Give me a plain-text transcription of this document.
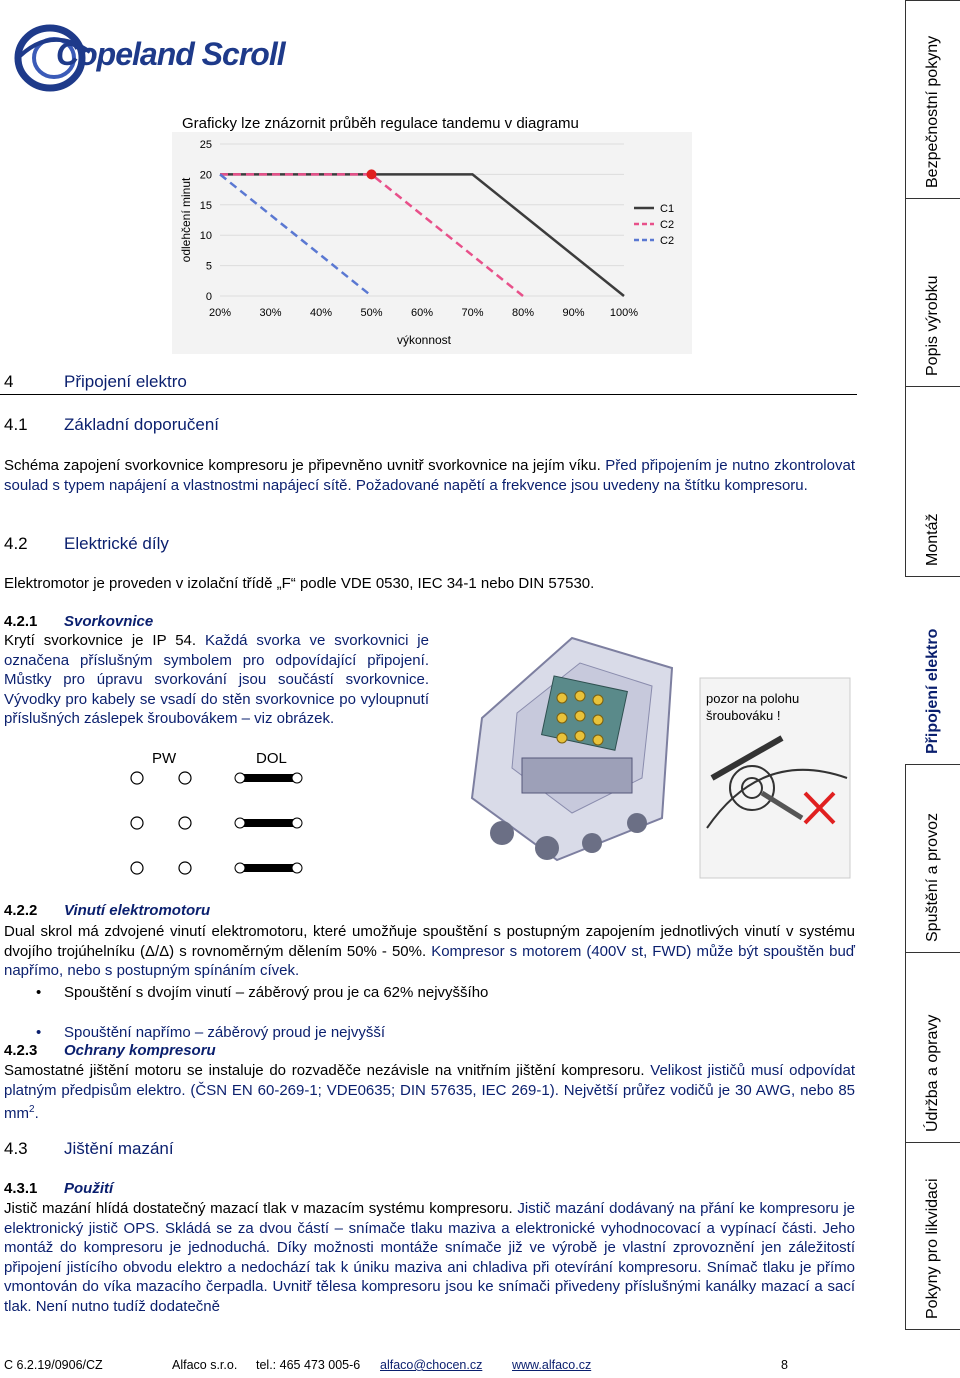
Copeland Scroll
Graficky lze znázornit průběh regulace tandemu v diagramu
0
5
10
15
20
25
20%	30%	40%	50%	60%	70%	80%	90% 100%
výkonnost
odlehčení minut	C1
C2
C2
4	Připojení elektro
4.1 Základní doporučení
Schéma zapojení svorkovnice kompresoru je připevněno uvnitř svorkovnice na jejím víku. Před připojením je nutno zkontrolovat soulad s typem napájení a vlastnostmi napájecí sítě. Požadované napětí a frekvence jsou uvedeny na štítku kompresoru.
4.2 Elektrické díly
Elektromotor je proveden v izolační třídě „F“ podle VDE 0530, IEC 34-1 nebo DIN 57530.
4.2.1 Svorkovnice
Krytí svorkovnice je IP 54. Každá svorka ve svorkovnici je označena příslušným symbolem pro odpovídající připojení. Můstky pro úpravu svorkování jsou součástí svorkovnice. Vývodky pro kabely se vsadí do stěn svorkovnice po vyloupnutí příslušných záslepek šroubovákem – viz obrázek.
PW	DOL
pozor na polohu šroubováku !
4.2.2 Vinutí elektromotoru
Dual skrol má zdvojené vinutí elektromotoru, které umožňuje spouštění s postupným zapojením jednotlivých vinutí v systému dvojího trojúhelníku (Δ/Δ) s rovnoměrným dělením 50% - 50%. Kompresor s motorem (400V st, FWD) může být spouštěn buď napřímo, nebo s postupným spínáním cívek.
• Spouštění s dvojím vinutí – záběrový prou je ca 62% nejvyššího
• Spouštění napřímo – záběrový proud je nejvyšší
4.2.3 Ochrany kompresoru
Samostatné jištění motoru se instaluje do rozvaděče nezávisle na vnitřním jištění kompresoru. Velikost jističů musí odpovídat platným předpisům elektro. (ČSN EN 60-269-1; VDE0635; DIN 57635, IEC 269-1). Největší průřez vodičů je 30 AWG, nebo 85 $mm^2$.
4.3 Jištění mazání
4.3.1 Použití
Jistič mazání hlídá dostatečný mazací tlak v mazacím systému kompresoru. Jistič mazání dodávaný na přání ke kompresoru je elektronický jistič OPS. Skládá se za dvou částí – snímače tlaku maziva a elektronické vyhodnocovací a vypínací části. Jeho montáž do kompresoru je jednoduchá. Díky možnosti montáže snímače již ve výrobě je vlastní zprovoznění jen záležitostí připojení jistícího obvodu elektro a nedochází tak k úniku maziva ani chladiva při otevírání kompresoru. Snímač tlaku je přímo vmontován do víka mazacího čerpadla. Uvnitř tělesa kompresoru jsou ke snímači přivedeny příslušnými kanálky mazací a sací tlak. Není nutno tudíž dodatečně
Bezpečnostní pokyny
Popis výrobku
Montáž
Připojení elektro
Spuštění a provoz
Údržba a opravy
Pokyny pro likvidaci
C 6.2.19/0906/CZ	Alfaco s.r.o. tel.: 465 473 005-6 alfaco@chocen.cz www.alfaco.cz	8
